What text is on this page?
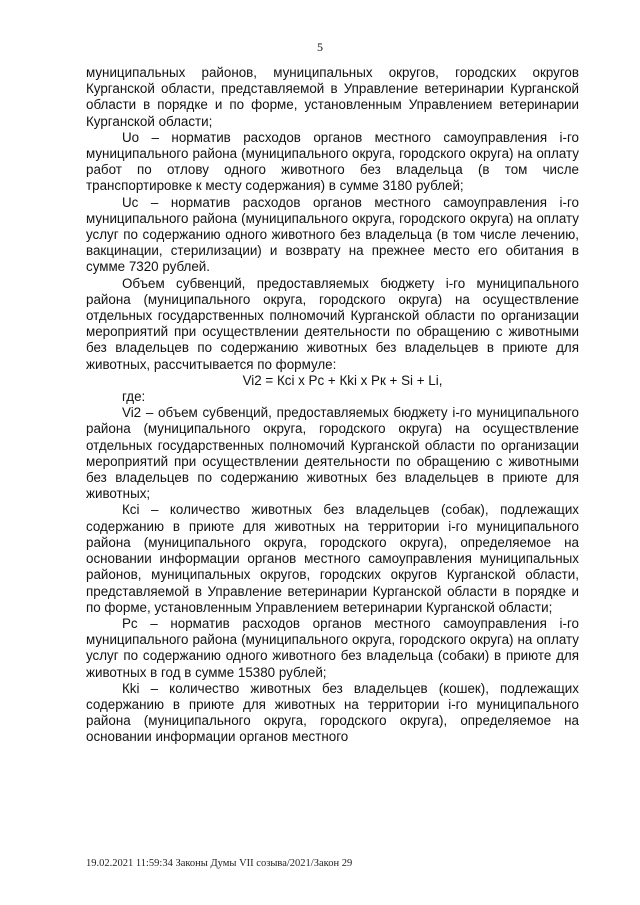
5

муниципальных районов, муниципальных округов, городских округов Курганской области, представляемой в Управление ветеринарии Курганской области в порядке и по форме, установленным Управлением ветеринарии Курганской области;

Uo – норматив расходов органов местного самоуправления i-го муниципального района (муниципального округа, городского округа) на оплату работ по отлову одного животного без владельца (в том числе транспортировке к месту содержания) в сумме 3180 рублей;

Uc – норматив расходов органов местного самоуправления i-го муниципального района (муниципального округа, городского округа) на оплату услуг по содержанию одного животного без владельца (в том числе лечению, вакцинации, стерилизации) и возврату на прежнее место его обитания в сумме 7320 рублей.

Объем субвенций, предоставляемых бюджету i-го муниципального района (муниципального округа, городского округа) на осуществление отдельных государственных полномочий Курганской области по организации мероприятий при осуществлении деятельности по обращению с животными без владельцев по содержанию животных без владельцев в приюте для животных, рассчитывается по формуле:

Vi2 = Кci x Pc + Кki x Pк + Si + Li,

где:

Vi2 – объем субвенций, предоставляемых бюджету i-го муниципального района (муниципального округа, городского округа) на осуществление отдельных государственных полномочий Курганской области по организации мероприятий при осуществлении деятельности по обращению с животными без владельцев по содержанию животных без владельцев в приюте для животных;

Кci – количество животных без владельцев (собак), подлежащих содержанию в приюте для животных на территории i-го муниципального района (муниципального округа, городского округа), определяемое на основании информации органов местного самоуправления муниципальных районов, муниципальных округов, городских округов Курганской области, представляемой в Управление ветеринарии Курганской области в порядке и по форме, установленным Управлением ветеринарии Курганской области;

Pc – норматив расходов органов местного самоуправления i-го муниципального района (муниципального округа, городского округа) на оплату услуг по содержанию одного животного без владельца (собаки) в приюте для животных в год в сумме 15380 рублей;

Кki – количество животных без владельцев (кошек), подлежащих содержанию в приюте для животных на территории i-го муниципального района (муниципального округа, городского округа), определяемое на основании информации органов местного

19.02.2021 11:59:34 Законы Думы VII созыва/2021/Закон 29
